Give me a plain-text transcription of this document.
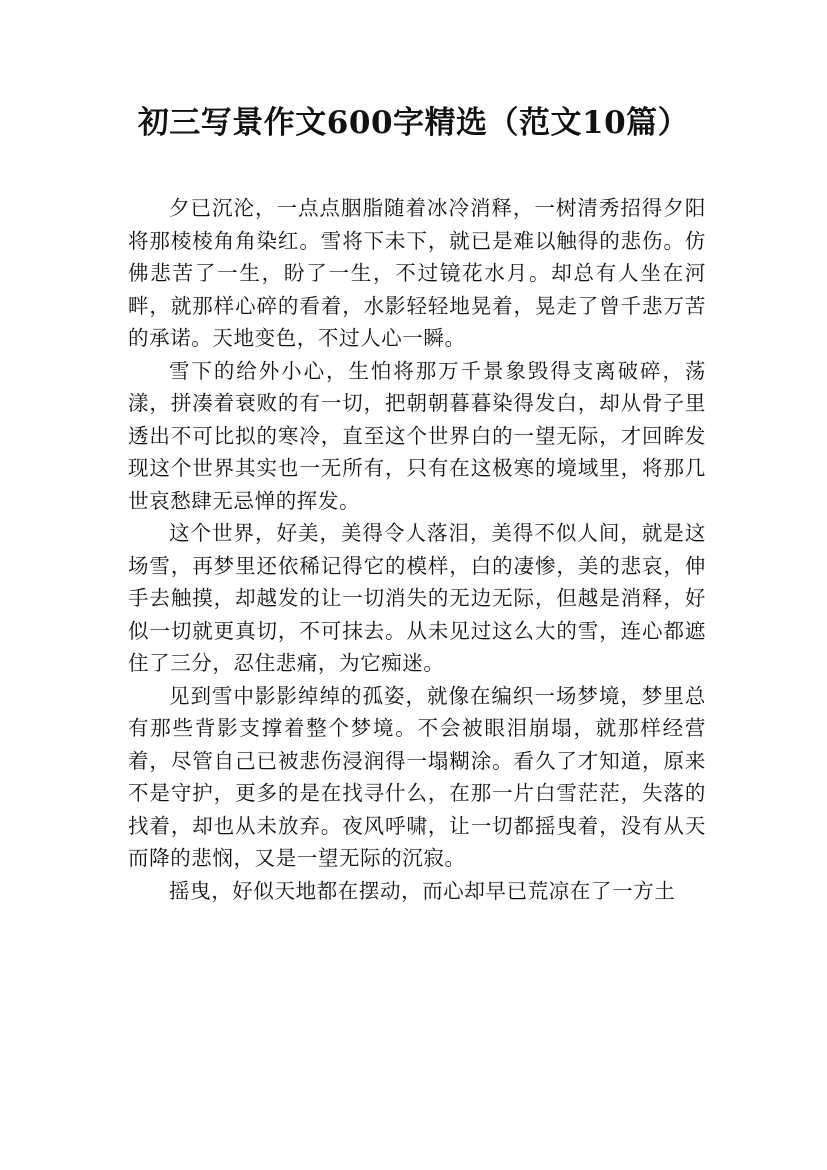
初三写景作文600字精选（范文10篇）

夕已沉沦，一点点胭脂随着冰冷消释，一树清秀招得夕阳将那棱棱角角染红。雪将下未下，就已是难以触得的悲伤。仿佛悲苦了一生，盼了一生，不过镜花水月。却总有人坐在河畔，就那样心碎的看着，水影轻轻地晃着，晃走了曾千悲万苦的承诺。天地变色，不过人心一瞬。

雪下的给外小心，生怕将那万千景象毁得支离破碎，荡漾，拼凑着衰败的有一切，把朝朝暮暮染得发白，却从骨子里透出不可比拟的寒冷，直至这个世界白的一望无际，才回眸发现这个世界其实也一无所有，只有在这极寒的境域里，将那几世哀愁肆无忌惮的挥发。

这个世界，好美，美得令人落泪，美得不似人间，就是这场雪，再梦里还依稀记得它的模样，白的凄惨，美的悲哀，伸手去触摸，却越发的让一切消失的无边无际，但越是消释，好似一切就更真切，不可抹去。从未见过这么大的雪，连心都遮住了三分，忍住悲痛，为它痴迷。

见到雪中影影绰绰的孤姿，就像在编织一场梦境，梦里总有那些背影支撑着整个梦境。不会被眼泪崩塌，就那样经营着，尽管自己已被悲伤浸润得一塌糊涂。看久了才知道，原来不是守护，更多的是在找寻什么，在那一片白雪茫茫，失落的找着，却也从未放弃。夜风呼啸，让一切都摇曳着，没有从天而降的悲悯，又是一望无际的沉寂。

摇曳，好似天地都在摆动，而心却早已荒凉在了一方土
